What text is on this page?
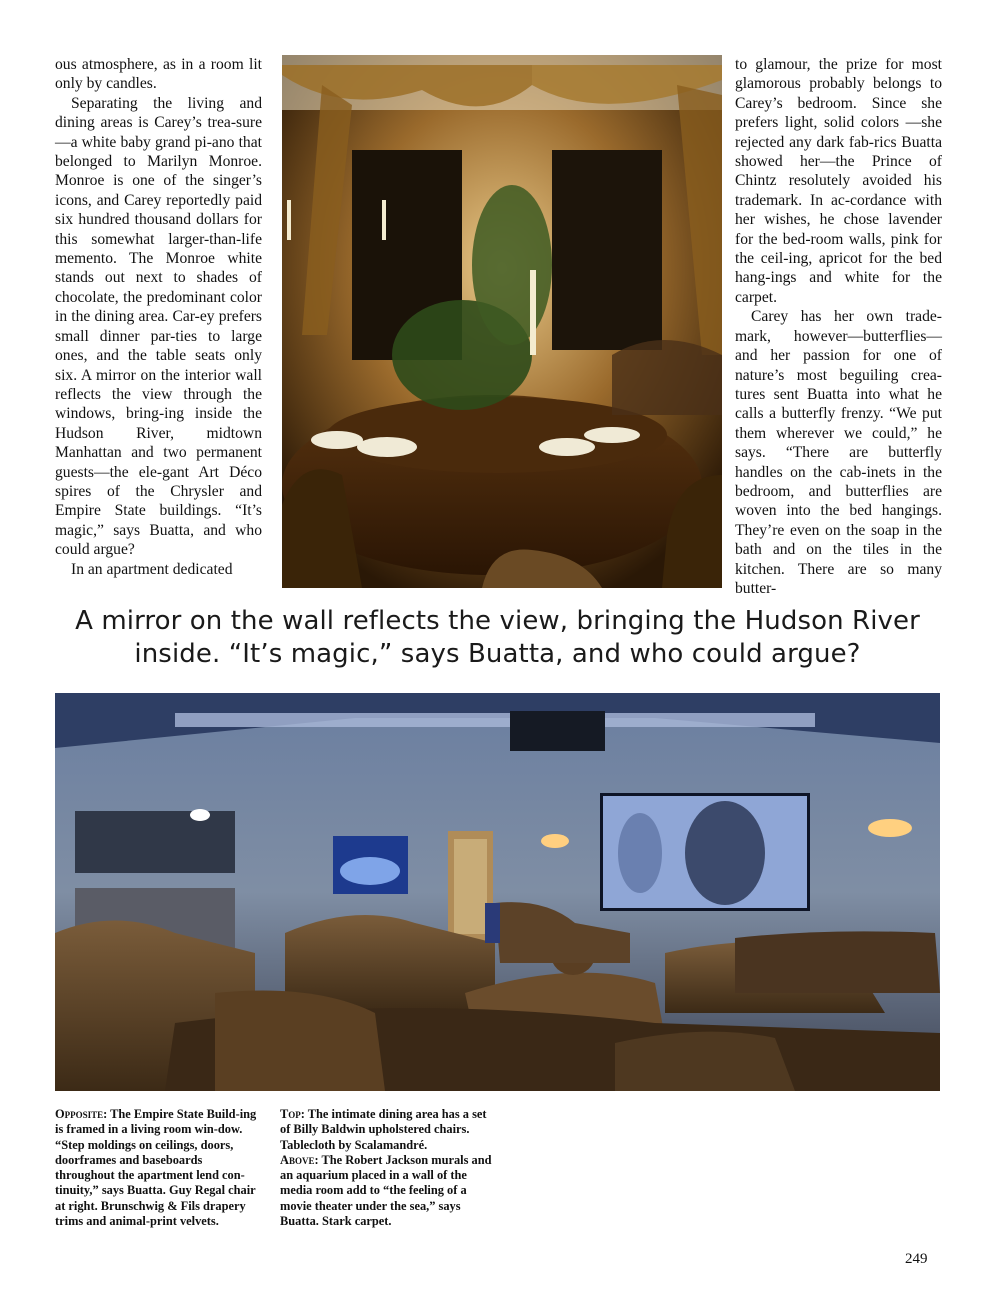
ous atmosphere, as in a room lit only by candles.

Separating the living and dining areas is Carey’s trea-sure—a white baby grand pi-ano that belonged to Marilyn Monroe. Monroe is one of the singer’s icons, and Carey reportedly paid six hundred thousand dollars for this somewhat larger-than-life memento. The Monroe white stands out next to shades of chocolate, the predominant color in the dining area. Car-ey prefers small dinner par-ties to large ones, and the table seats only six. A mirror on the interior wall reflects the view through the windows, bring-ing inside the Hudson River, midtown Manhattan and two permanent guests—the ele-gant Art Déco spires of the Chrysler and Empire State buildings. “It’s magic,” says Buatta, and who could argue?

In an apartment dedicated

to glamour, the prize for most glamorous probably belongs to Carey’s bedroom. Since she prefers light, solid colors —she rejected any dark fab-rics Buatta showed her—the Prince of Chintz resolutely avoided his trademark. In ac-cordance with her wishes, he chose lavender for the bed-room walls, pink for the ceil-ing, apricot for the bed hang-ings and white for the carpet.

Carey has her own trade-mark, however—butterflies—and her passion for one of nature’s most beguiling crea-tures sent Buatta into what he calls a butterfly frenzy. “We put them wherever we could,” he says. “There are butterfly handles on the cab-inets in the bedroom, and butterflies are woven into the bed hangings. They’re even on the soap in the bath and on the tiles in the kitchen. There are so many butter-

A mirror on the wall reflects the view, bringing the Hudson River
inside. “It’s magic,” says Buatta, and who could argue?
Opposite: The Empire State Build-ing is framed in a living room win-dow. “Step moldings on ceilings, doors, doorframes and baseboards throughout the apartment lend con-tinuity,” says Buatta. Guy Regal chair at right. Brunschwig & Fils drapery trims and animal-print velvets.
Top: The intimate dining area has a set of Billy Baldwin upholstered chairs. Tablecloth by Scalamandré.
Above: The Robert Jackson murals and an aquarium placed in a wall of the media room add to “the feeling of a movie theater under the sea,” says Buatta. Stark carpet.
249
